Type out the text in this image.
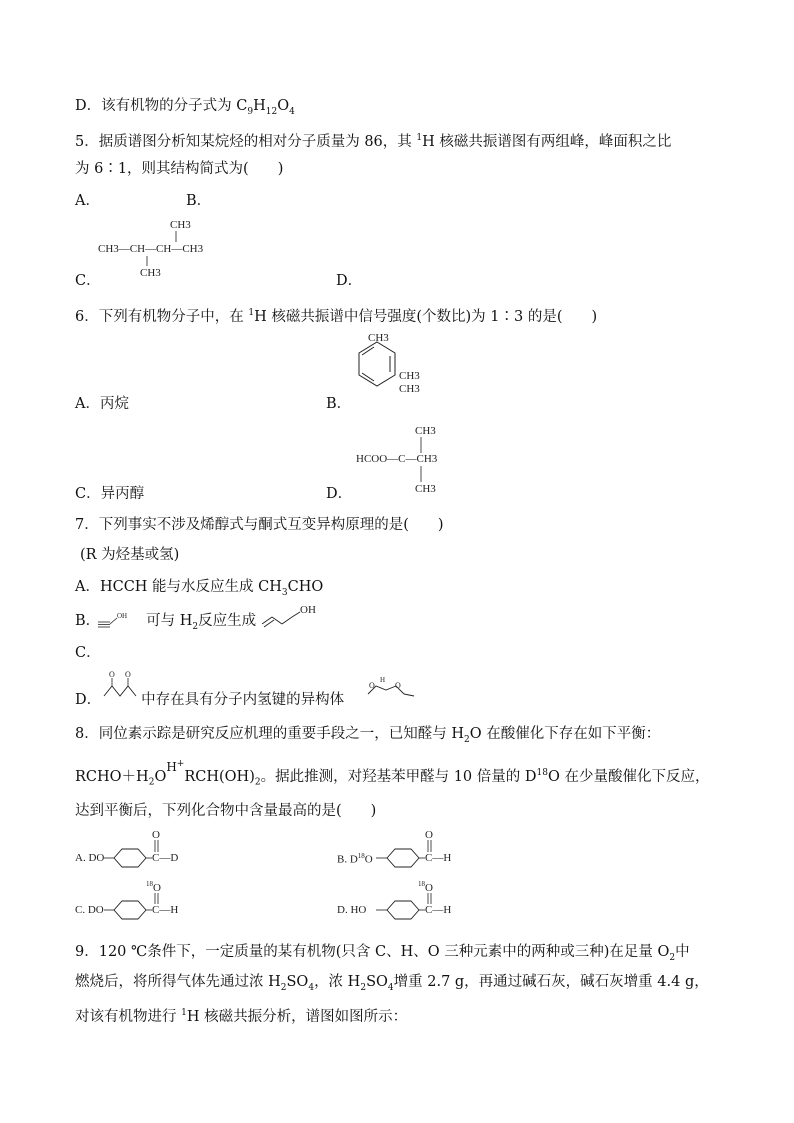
D．该有机物的分子式为 $C_9H_{12}O_4$
5．据质谱图分析知某烷烃的相对分子质量为 86，其 $^1$H 核磁共振谱图有两组峰，峰面积之比
为 6∶1，则其结构简式为(　　)
A．	B．
CH3
CH3—CH—CH—CH3
CH3
C．	D．
6．下列有机物分子中，在 $^1$H 核磁共振谱中信号强度(个数比)为 1∶3 的是(　　)
A．丙烷	B．
CH3
CH3
CH3
CH3
HCOO—C—CH3
CH3
C．异丙醇	D．
7．下列事实不涉及烯醇式与酮式互变异构原理的是(　　)
(R 为烃基或氢)
A．HCCH 能与水反应生成 $CH_3CHO$
B．	可与 $H_2$反应生成
OH	OH
C．
D．	中存在具有分子内氢键的异构体
O O
O	O
H
8．同位素示踪是研究反应机理的重要手段之一，已知醛与 $H_2O$ 在酸催化下存在如下平衡：
$RCHO+H_2O^{H^+}RCH(OH)_2$。据此推测，对羟基苯甲醛与 10 倍量的 $D^{18}O$ 在少量酸催化下反应，
达到平衡后，下列化合物中含量最高的是(　　)
A. DO
O
C—D	B. $D^{18}O$
O
C—H
C. DO
18 O
C—H	D. HO
18 O
C—H
9．120 ℃条件下，一定质量的某有机物(只含 C、H、O 三种元素中的两种或三种)在足量 $O_2$中
燃烧后，将所得气体先通过浓 $H_2SO_4$，浓 $H_2SO_4$增重 2.7 g，再通过碱石灰，碱石灰增重 4.4 g，
对该有机物进行 $^1$H 核磁共振分析，谱图如图所示：
